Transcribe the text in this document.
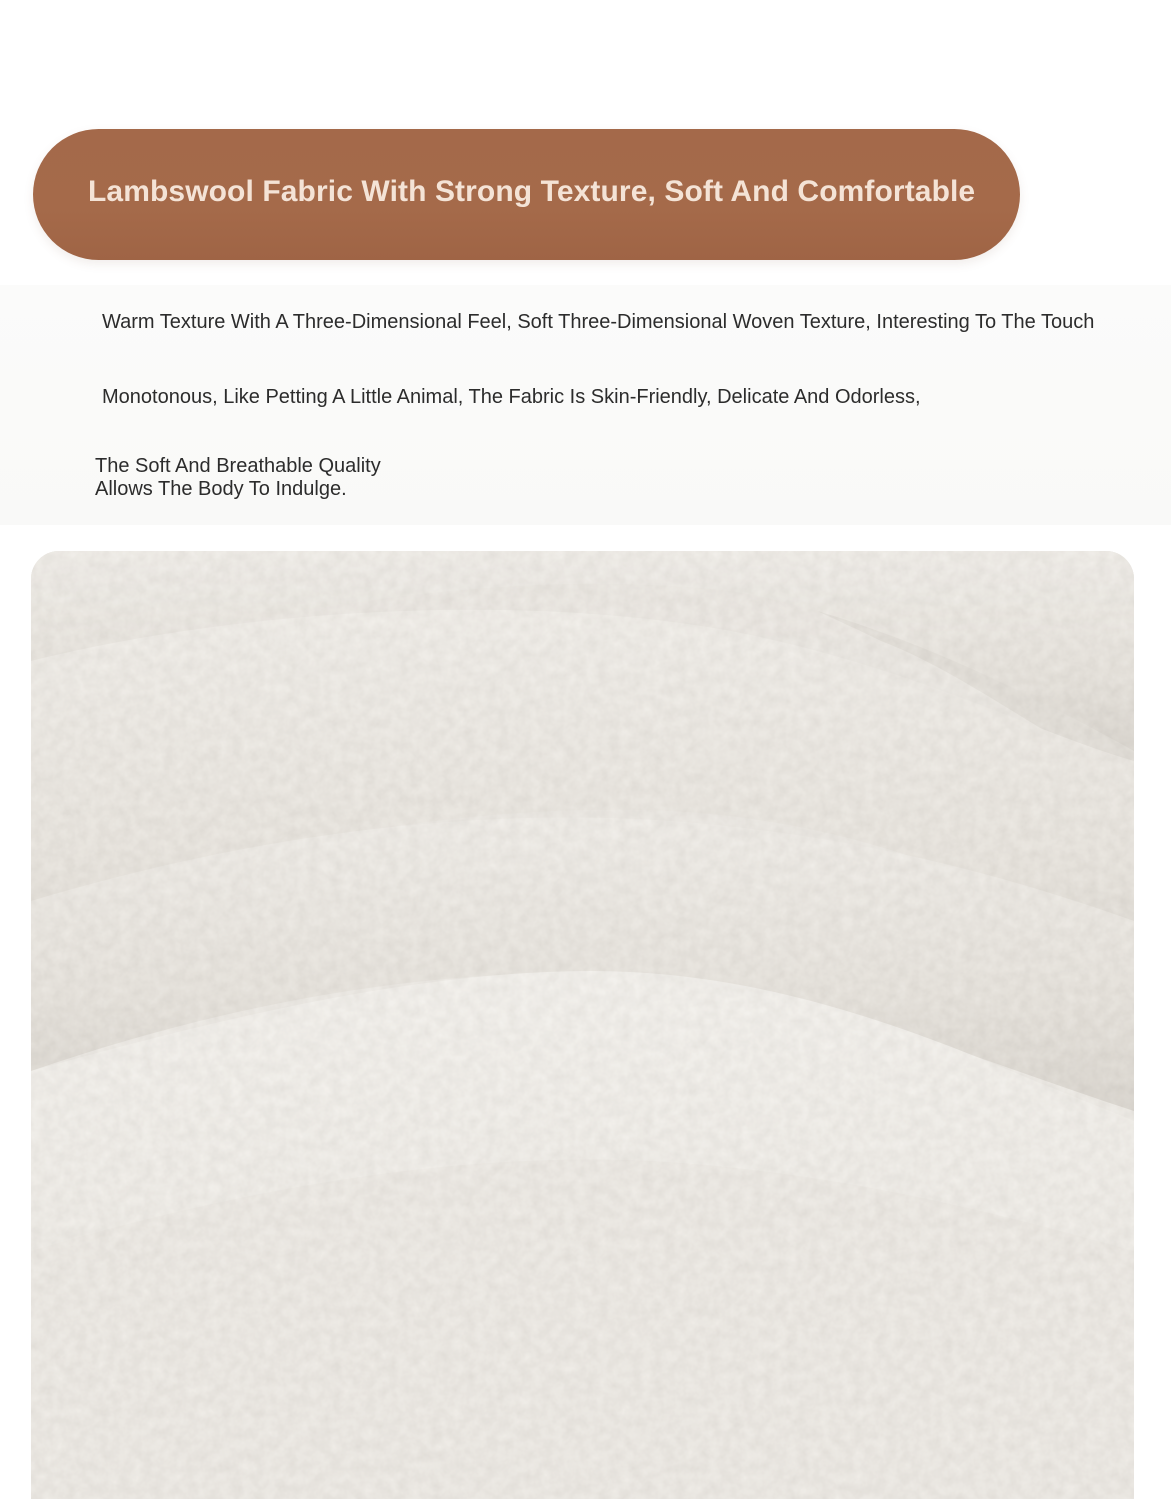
Lambswool Fabric With Strong Texture, Soft And Comfortable
Warm Texture With A Three-Dimensional Feel, Soft Three-Dimensional Woven Texture, Interesting To The Touch
Monotonous, Like Petting A Little Animal, The Fabric Is Skin-Friendly, Delicate And Odorless,
The Soft And Breathable Quality
Allows The Body To Indulge.
